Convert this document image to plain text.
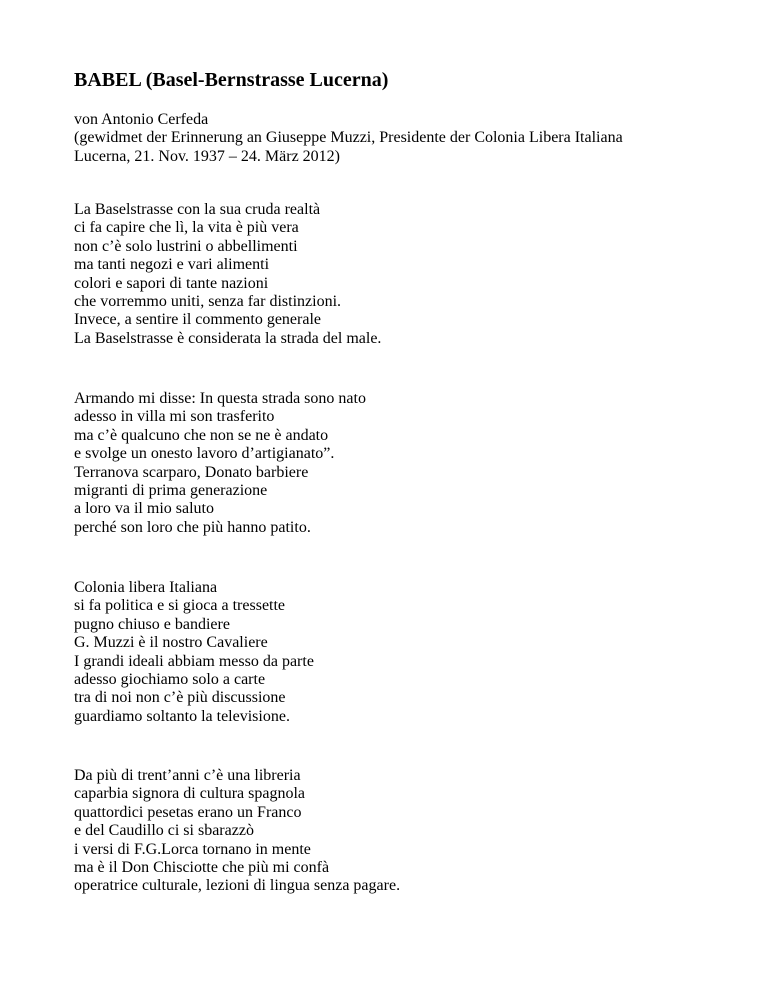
BABEL (Basel-Bernstrasse Lucerna)
von Antonio Cerfeda
(gewidmet der Erinnerung an Giuseppe Muzzi, Presidente der Colonia Libera Italiana
Lucerna, 21. Nov. 1937 – 24. März 2012)
La Baselstrasse con la sua cruda realtà
ci fa capire che lì, la vita è più vera
non c’è solo lustrini o abbellimenti
ma tanti negozi e vari alimenti
colori e sapori di tante nazioni
che vorremmo uniti, senza far distinzioni.
Invece, a sentire il commento generale
La Baselstrasse è considerata la strada del male.
Armando mi disse: In questa strada sono nato
adesso in villa mi son trasferito
ma c’è qualcuno che non se ne è andato
e svolge un onesto lavoro d’artigianato”.
Terranova scarparo, Donato barbiere
migranti di prima generazione
a loro va il mio saluto
perché son loro che più hanno patito.
Colonia libera Italiana
si fa politica e si gioca a tressette
pugno chiuso e bandiere
G. Muzzi è il nostro Cavaliere
I grandi ideali abbiam messo da parte
adesso giochiamo solo a carte
tra di noi non c’è più discussione
guardiamo soltanto la televisione.
Da più di trent’anni c’è una libreria
caparbia signora di cultura spagnola
quattordici pesetas erano un Franco
e del Caudillo ci si sbarazzò
i versi di F.G.Lorca tornano in mente
ma è il Don Chisciotte che più mi confà
operatrice culturale, lezioni di lingua senza pagare.
